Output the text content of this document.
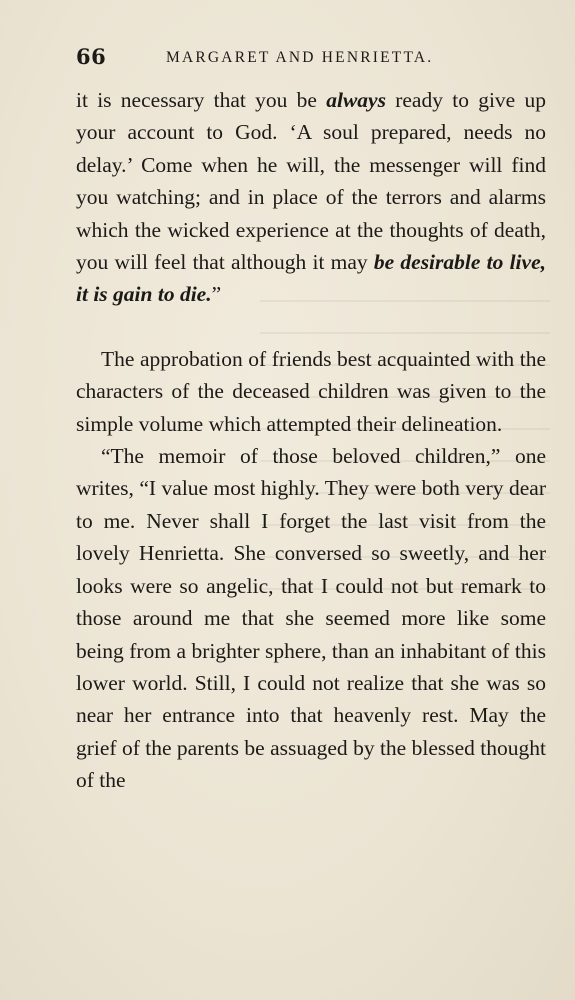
66	MARGARET AND HENRIETTA.

it is necessary that you be always ready to give up your account to God. ‘A soul prepared, needs no delay.’ Come when he will, the messenger will find you watching; and in place of the terrors and alarms which the wicked experience at the thoughts of death, you will feel that although it may be desirable to live, it is gain to die.”

The approbation of friends best acquainted with the characters of the deceased children was given to the simple volume which attempted their delineation.

“The memoir of those beloved children,” one writes, “I value most highly. They were both very dear to me. Never shall I forget the last visit from the lovely Henrietta. She conversed so sweetly, and her looks were so angelic, that I could not but remark to those around me that she seemed more like some being from a brighter sphere, than an inhabitant of this lower world. Still, I could not realize that she was so near her entrance into that heavenly rest. May the grief of the parents be assuaged by the blessed thought of the
